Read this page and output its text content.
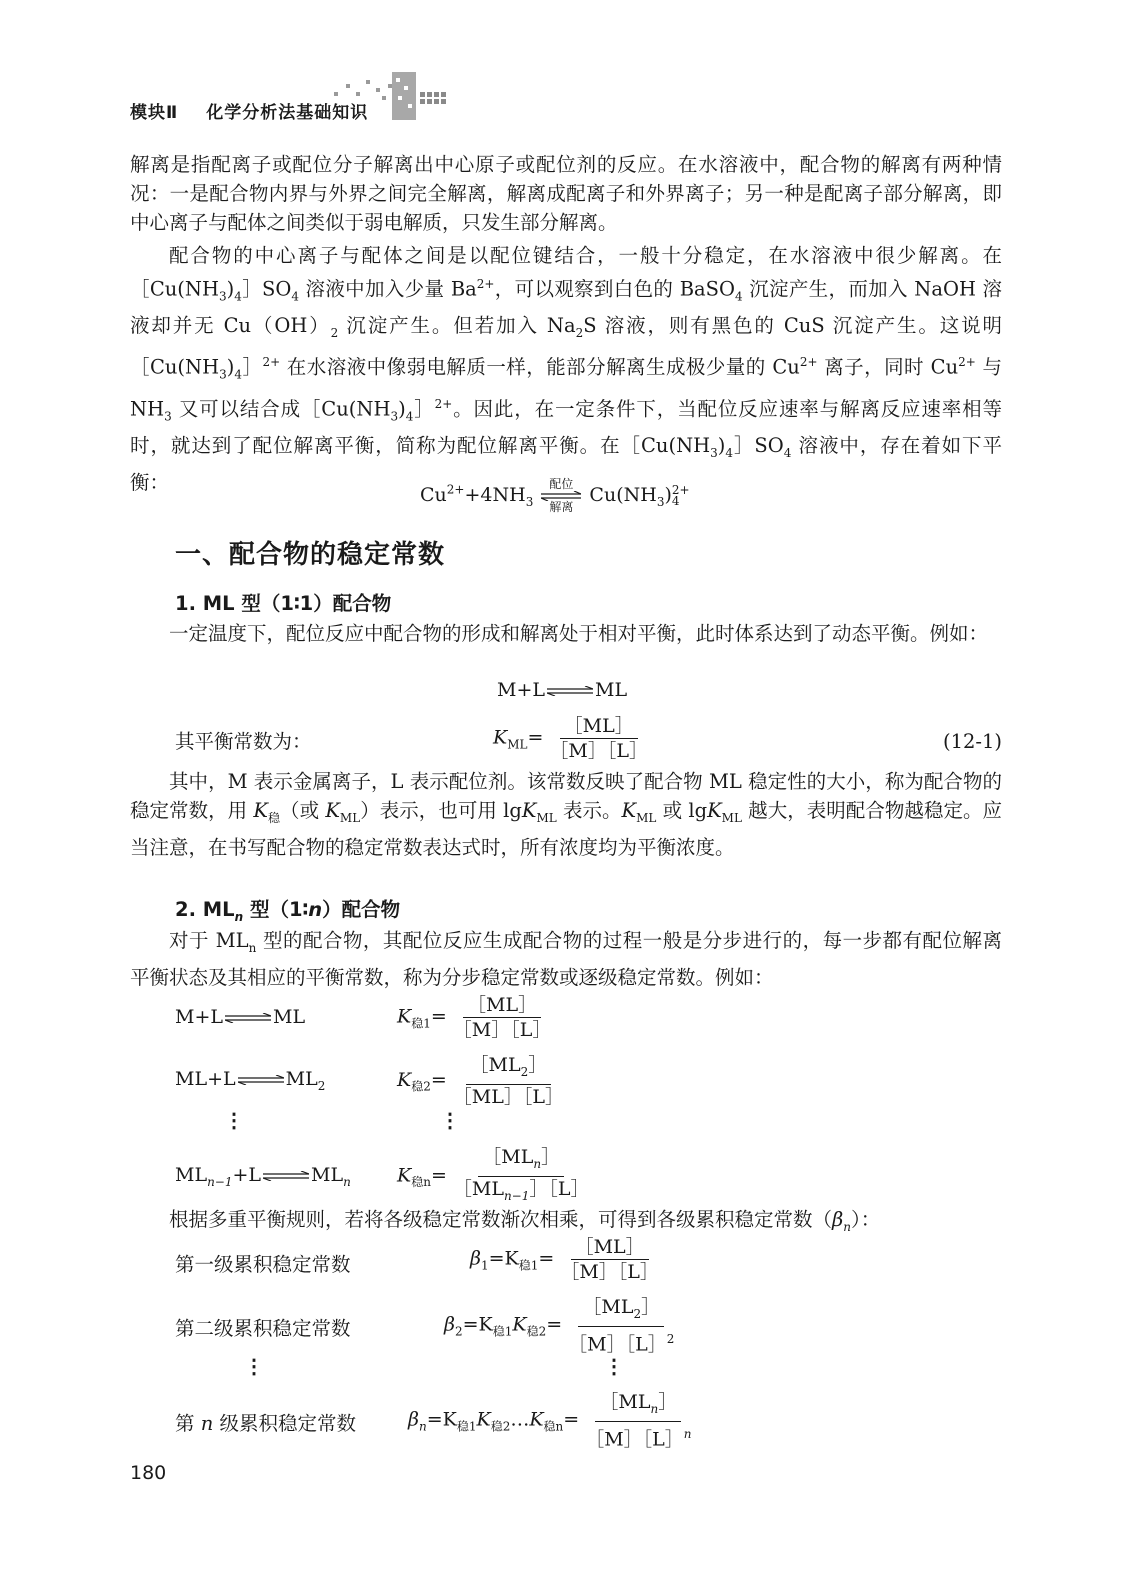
模块Ⅱ 化学分析法基础知识
解离是指配离子或配位分子解离出中心原子或配位剂的反应。在水溶液中，配合物的解离有两种情况：一是配合物内界与外界之间完全解离，解离成配离子和外界离子；另一种是配离子部分解离，即中心离子与配体之间类似于弱电解质，只发生部分解离。
配合物的中心离子与配体之间是以配位键结合，一般十分稳定，在水溶液中很少解离。在$[Cu(NH_3)_4]SO_4$ 溶液中加入少量 $Ba^{2+}$，可以观察到白色的 BaSO$_4$ 沉淀产生，而加入 NaOH 溶液却并无 $Cu(OH)_2$ 沉淀产生。但若加入 $Na_2S$ 溶液，则有黑色的 CuS 沉淀产生。这说明$[Cu(NH_3)_4]^{2+}$ 在水溶液中像弱电解质一样，能部分解离生成极少量的 $Cu^{2+}$ 离子，同时 $Cu^{2+}$ 与 $NH_3$ 又可以结合成$[Cu(NH_3)_4]^{2+}$。因此，在一定条件下，当配位反应速率与解离反应速率相等时，就达到了配位解离平衡，简称为配位解离平衡。在$[Cu(NH_3)_4]SO_4$ 溶液中，存在着如下平衡：
$Cu^{2+}+4NH_3$
配位
解离
$Cu(NH_3)$ 2+
4
一、配合物的稳定常数
1. ML 型（1∶1）配合物
一定温度下，配位反应中配合物的形成和解离处于相对平衡，此时体系达到了动态平衡。例如：
M+L ⇌ ML
其平衡常数为：	$K_{ML}= \frac{[ML]}{[M][L]}$	(12-1)
其中，M 表示金属离子，L 表示配位剂。该常数反映了配合物 ML 稳定性的大小，称为配合物的稳定常数，用 $K_稳$（或 $K_{ML}$）表示，也可用 lgK$_{ML}$ 表示。$K_{ML}$ 或 lgK$_{ML}$ 越大，表明配合物越稳定。应当注意，在书写配合物的稳定常数表达式时，所有浓度均为平衡浓度。
2. $ML_n$ 型（1∶n）配合物
对于 $ML_n$ 型的配合物，其配位反应生成配合物的过程一般是分步进行的，每一步都有配位解离平衡状态及其相应的平衡常数，称为分步稳定常数或逐级稳定常数。例如：
M+L ⇌ ML	$K_{稳1}= \frac{[ML]}{[M][L]}$
ML+L ⇌ $ML_2$	$K_{稳2}= \frac{[ML_2]}{[ML][L]}$
⋮	⋮
$ML_{n-1}+L$ ⇌ $ML_n$ $K_{稳n}= \frac{[ML_n]}{[ML_{n-1}][L]}$
根据多重平衡规则，若将各级稳定常数渐次相乘，可得到各级累积稳定常数$(\beta_n)$：
第一级累积稳定常数	$\beta_1=K_{稳1}= \frac{[ML]}{[M][L]}$
第二级累积稳定常数	$\beta_2=K_{稳1}K_{稳2}= \frac{[ML_2]}{[M][L]^2}$
⋮	⋮
第 n 级累积稳定常数	$\beta_n=K_{稳1}K_{稳2}\dots K_{稳n}= \frac{[ML_n]}{[M][L]^n}$
180
